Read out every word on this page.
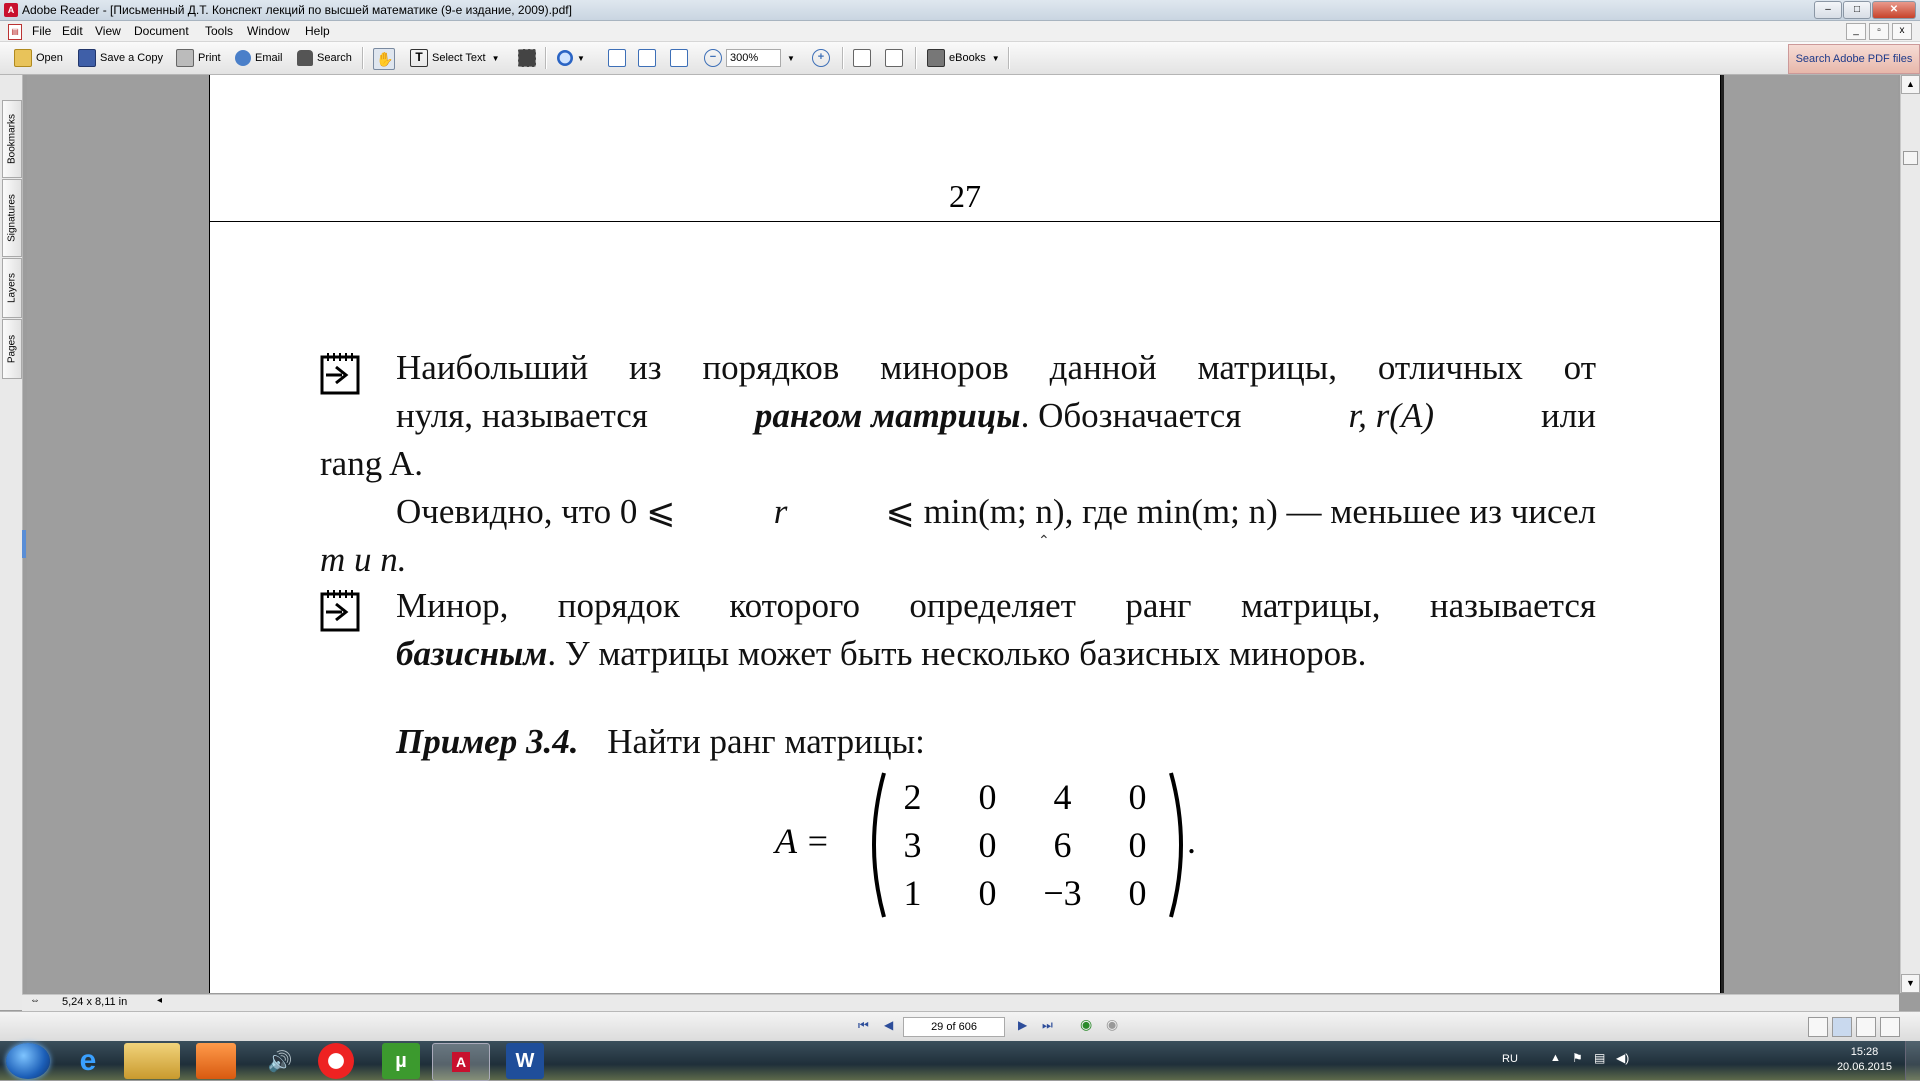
A Adobe Reader - [Письменный Д.Т. Конспект лекций по высшей математике (9-е издание, 2009).pdf]	–	□	✕
▤ File Edit View Document Tools Window Help	_	▫	x
Open	Save a Copy	Print	Email	Search ✋	T Select Text ▼	▼	−	300%	▼	+	eBooks ▼	Search Adobe PDF files
Bookmarks
Signatures
Layers
Pages
27
Наибольший из порядков миноров данной матрицы, отличных от
нуля, называется	рангом матрицы. Обозначается	r, r(A)	или
rang A.
Очевидно, что 0 ⩽	r	⩽ min(m; n), где min(m; n) — меньшее из чисел
m и n.
Минор, порядок которого определяет ранг матрицы, называется
базисным. У матрицы может быть несколько базисных миноров.
Пример 3.4. Найти ранг матрицы:
A =
2	0	4	0
3	0	6	0
1	0	−3	0
.
⌃
▲
▼
⇔ 5,24 x 8,11 in	◂
⏮ ◀	29 of 606	▶ ⏭ ◉ ◉
e	🔊	µ	A	W	RU	▲ ⚑ ▤ ◀)	15:28
20.06.2015
